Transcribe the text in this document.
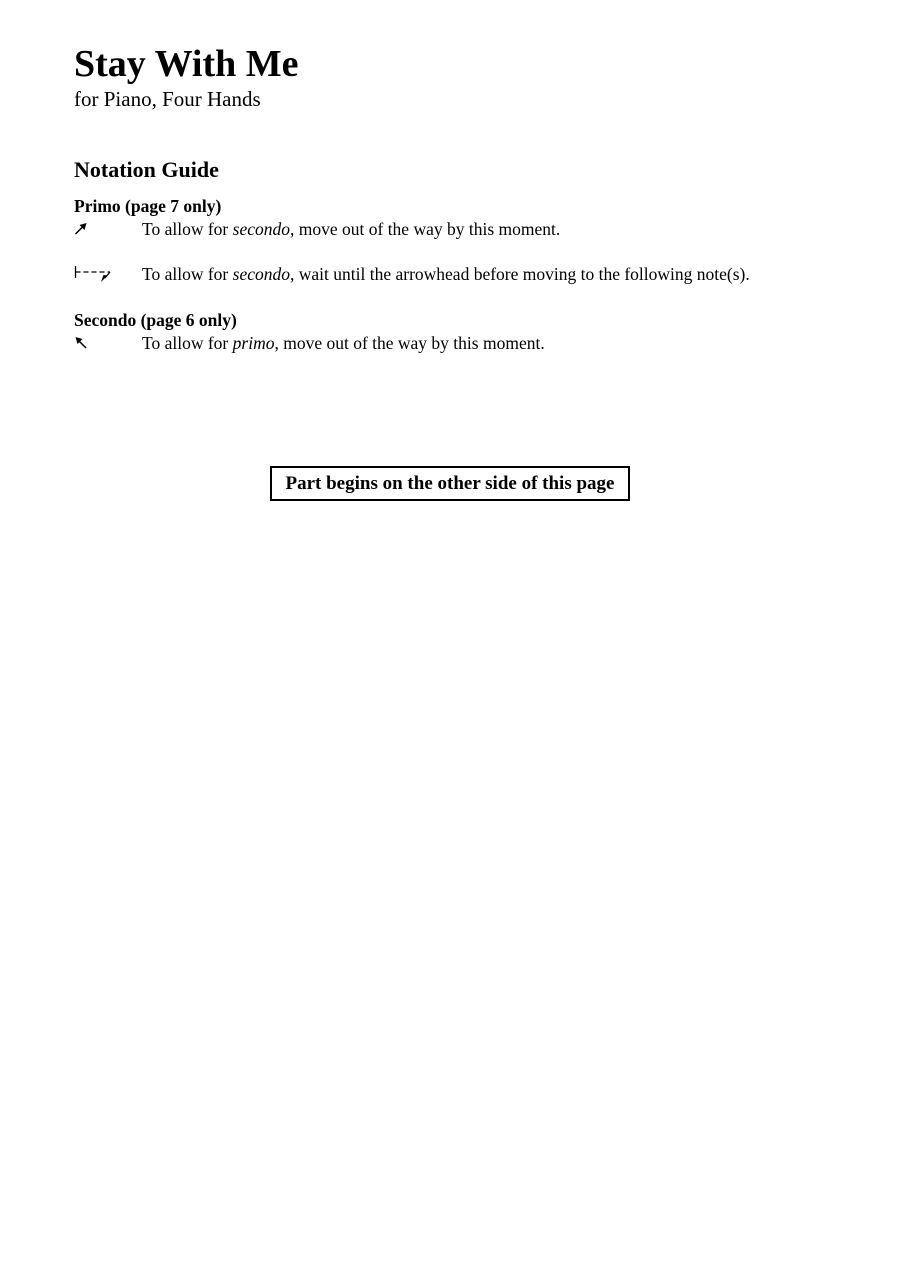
Stay With Me
for Piano, Four Hands
Notation Guide
Primo (page 7 only)
To allow for secondo, move out of the way by this moment.
To allow for secondo, wait until the arrowhead before moving to the following note(s).
Secondo (page 6 only)
To allow for primo, move out of the way by this moment.
Part begins on the other side of this page
